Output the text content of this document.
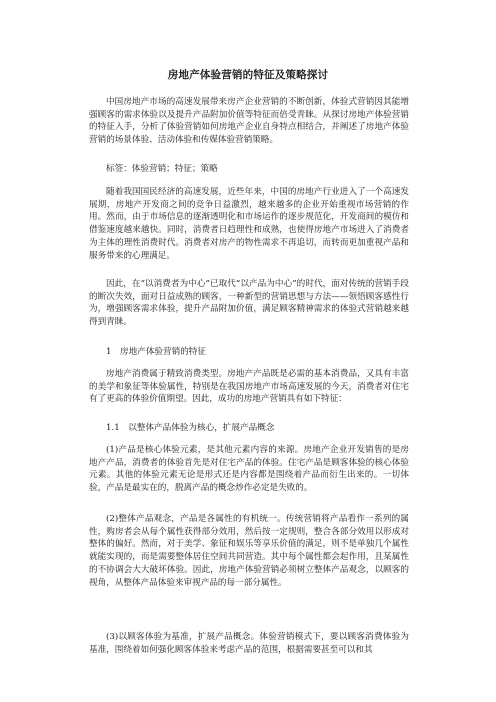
房地产体验营销的特征及策略探讨

中国房地产市场的高速发展带来房产企业营销的不断创新，体验式营销因其能增强顾客的需求体验以及提升产品附加价值等特征而倍受青睐。从探讨房地产体验营销的特征入手，分析了体验营销如何房地产企业自身特点相结合，并阐述了房地产体验营销的场景体验、活动体验和传媒体验营销策略。

标签：体验营销；特征；策略

随着我国国民经济的高速发展，近些年来，中国的房地产行业进入了一个高速发展期，房地产开发商之间的竞争日益激烈，越来越多的企业开始重视市场营销的作用。然而，由于市场信息的逐渐透明化和市场运作的逐步规范化，开发商间的模仿和借鉴速度越来越快。同时，消费者日趋理性和成熟，也使得房地产市场进入了消费者为主体的理性消费时代。消费者对房产的物性需求不再追切，而转而更加重视产品和服务带来的心理满足。

因此，在“以消费者为中心”已取代“以产品为中心”的时代，面对传统的营销手段的断次失效，面对日益成熟的顾客，一种新型的营销思想与方法——领悟顾客感性行为，增强顾客需求体验，提升产品附加价值，满足顾客精神需求的体验式营销越来越得到青睐。

1　房地产体验营销的特征

房地产消费属于精致消费类型。房地产产品既是必需的基本消费品，又具有丰富的美学和象征等体验属性，特别是在我国房地产市场高速发展的今天，消费者对住宅有了更高的体验价值期望。因此，成功的房地产营销具有如下特征：

1.1　以整体产品体验为核心，扩展产品概念

(1)产品是核心体验元素，是其他元素内容的来源。房地产企业开发销售的是房地产产品，消费者的体验首先是对住宅产品的体验。住宅产品是顾客体验的核心体验元素。其他的体验元素无论是形式还是内容都是围绕着产品而衍生出来的。一切体验，产品是最实在的，脱离产品的概念炒作必定是失败的。

(2)整体产品观念，产品是各属性的有机统一。传统营销将产品看作一系列的属性，购房者会从每个属性获得部分效用，然后按一定规则，整合各部分效用以形成对整体的偏好。然而，对于美学、象征和娱乐等享乐价值的满足，则不是单独几个属性就能实现的，而是需要整体居住空间共同营造。其中每个属性都会起作用，且某属性的不协调会大大破坏体验。因此，房地产体验营销必须树立整体产品观念，以顾客的视角，从整体产品体验来审视产品的每一部分属性。

(3)以顾客体验为基准，扩展产品概念。体验营销模式下，要以顾客消费体验为基准，围绕着如何强化顾客体验来考虑产品的范围，根据需要甚至可以和其
